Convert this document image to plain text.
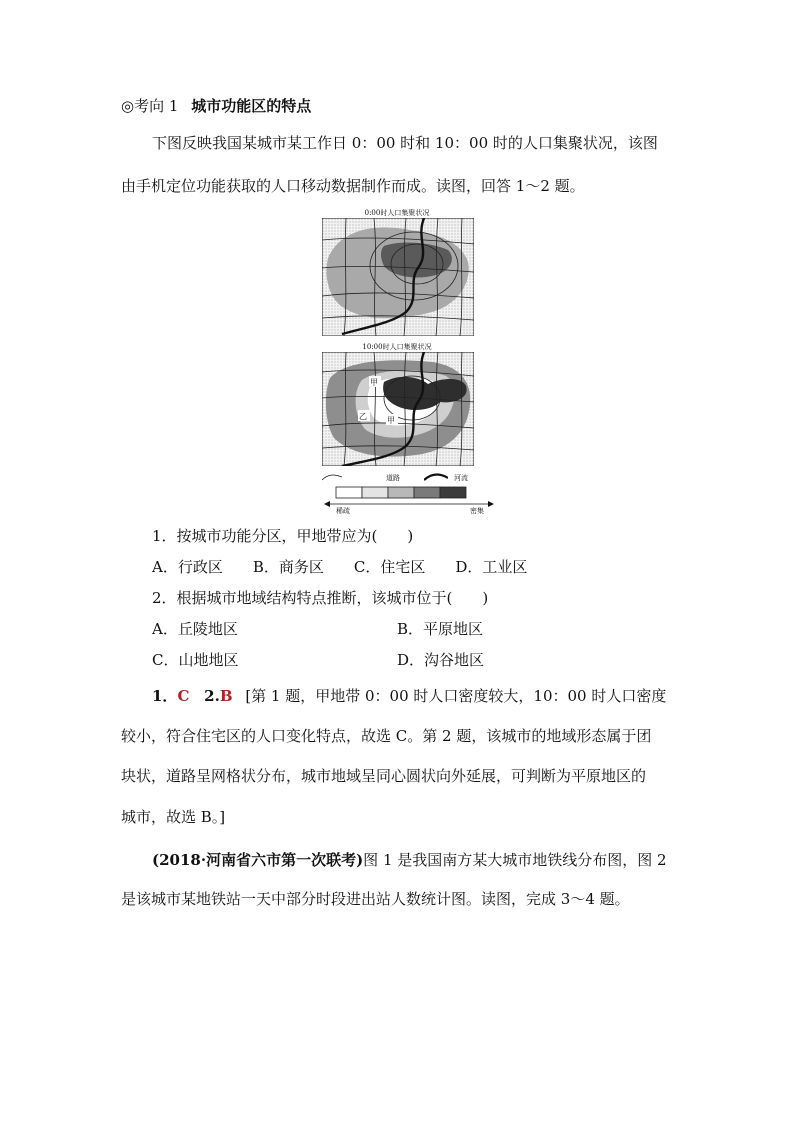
◎考向 1 城市功能区的特点
下图反映我国某城市某工作日 0：00 时和 10：00 时的人口集聚状况，该图
由手机定位功能获取的人口移动数据制作而成。读图，回答 1～2 题。
0:00时人口集聚状况
10:00时人口集聚状况
甲
乙	甲
道路	河流
稀疏	密集
1．按城市功能分区，甲地带应为(　　)
A．行政区　　B．商务区　　C．住宅区　　D．工业区
2．根据城市地域结构特点推断，该城市位于(　　)
A．丘陵地区	B．平原地区
C．山地地区	D．沟谷地区
1．C 2.B [第 1 题，甲地带 0：00 时人口密度较大，10：00 时人口密度
较小，符合住宅区的人口变化特点，故选 C。第 2 题，该城市的地域形态属于团
块状，道路呈网格状分布，城市地域呈同心圆状向外延展，可判断为平原地区的
城市，故选 B。]
(2018·河南省六市第一次联考)图 1 是我国南方某大城市地铁线分布图，图 2
是该城市某地铁站一天中部分时段进出站人数统计图。读图，完成 3～4 题。
